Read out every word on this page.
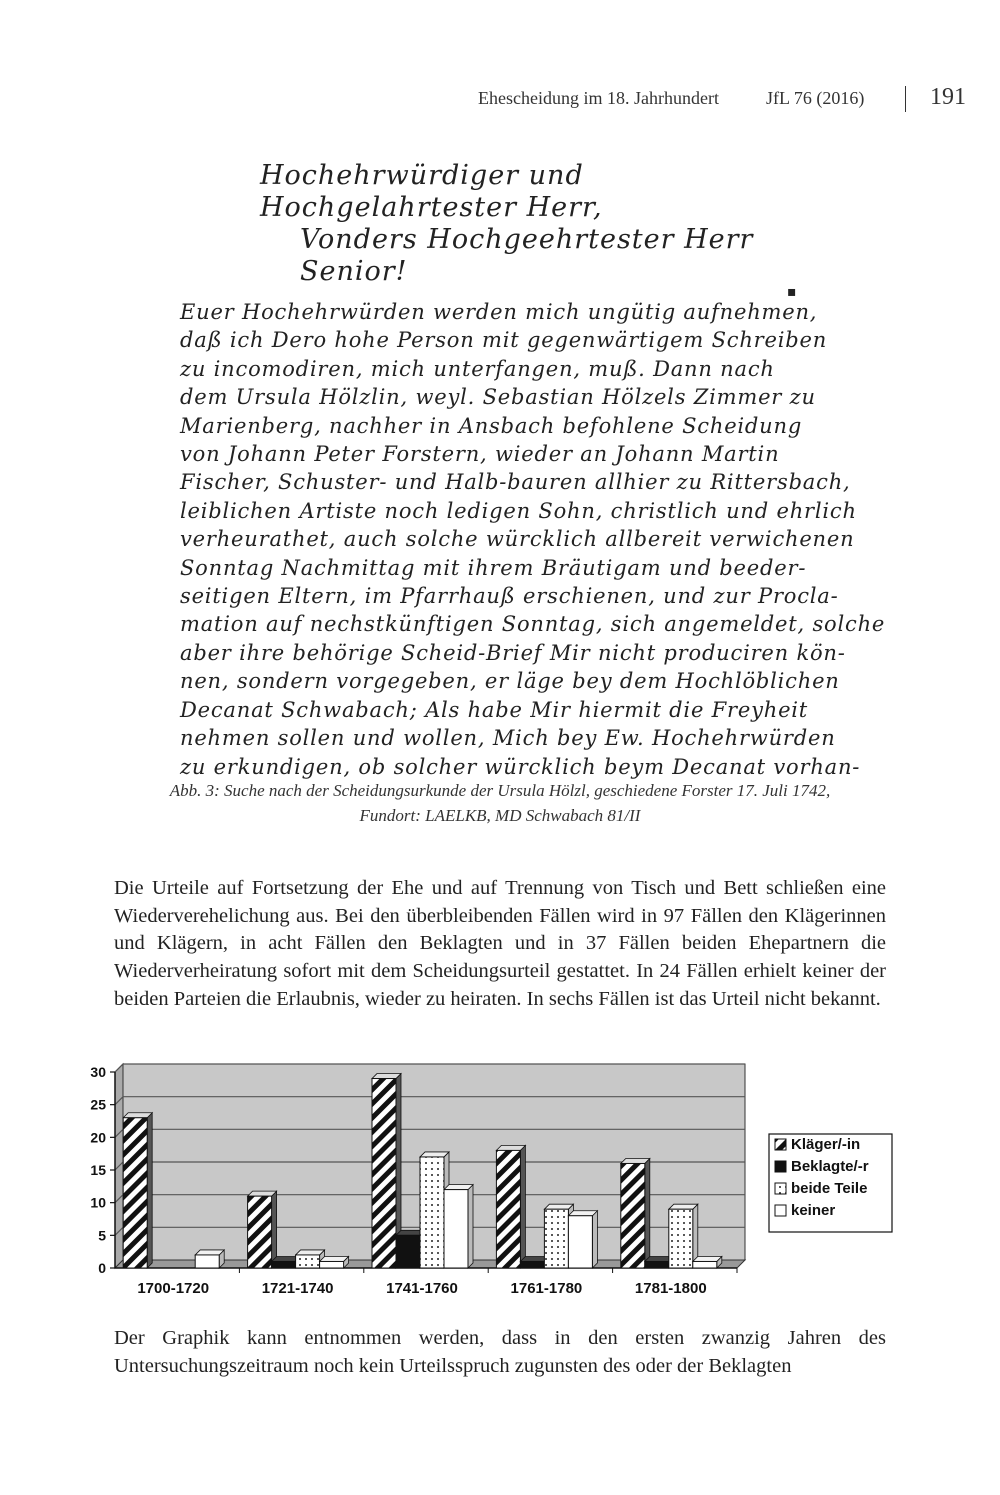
Ehescheidung im 18. Jahrhundert	JfL 76 (2016)	191
Hochehrwürdiger und Hochgelahrtester Herr,
Vonders Hochgeehrtester Herr Senior!
▪
Euer Hochehrwürden werden mich ungütig aufnehmen,
daß ich Dero hohe Person mit gegenwärtigem Schreiben
zu incomodiren, mich unterfangen, muß. Dann nach
dem Ursula Hölzlin, weyl. Sebastian Hölzels Zimmer zu
Marienberg, nachher in Ansbach befohlene Scheidung
von Johann Peter Forstern, wieder an Johann Martin
Fischer, Schuster- und Halb-bauren allhier zu Rittersbach,
leiblichen Artiste noch ledigen Sohn, christlich und ehrlich
verheurathet, auch solche würcklich allbereit verwichenen
Sonntag Nachmittag mit ihrem Bräutigam und beeder-
seitigen Eltern, im Pfarrhauß erschienen, und zur Procla-
mation auf nechstkünftigen Sonntag, sich angemeldet, solche
aber ihre behörige Scheid-Brief Mir nicht produciren kön-
nen, sondern vorgegeben, er läge bey dem Hochlöblichen
Decanat Schwabach; Als habe Mir hiermit die Freyheit
nehmen sollen und wollen, Mich bey Ew. Hochehrwürden
zu erkundigen, ob solcher würcklich beym Decanat vorhan-
Abb. 3: Suche nach der Scheidungsurkunde der Ursula Hölzl, geschiedene Forster 17. Juli 1742,
Fundort: LAELKB, MD Schwabach 81/II

Die Urteile auf Fortsetzung der Ehe und auf Trennung von Tisch und Bett schließen eine Wiederverehelichung aus. Bei den überbleibenden Fällen wird in 97 Fällen den Klägerinnen und Klägern, in acht Fällen den Beklagten und in 37 Fällen beiden Ehepartnern die Wiederverheiratung sofort mit dem Scheidungsurteil gestattet. In 24 Fällen erhielt keiner der beiden Parteien die Erlaubnis, wieder zu heiraten. In sechs Fällen ist das Urteil nicht bekannt.

0
5
10
15
20
25
30
1700-1720	1721-1740	1741-1760	1761-1780	1781-1800
Kläger/-in
Beklagte/-r
beide Teile
keiner

Der Graphik kann entnommen werden, dass in den ersten zwanzig Jahren des Untersuchungszeitraum noch kein Urteilsspruch zugunsten des oder der Beklagten
